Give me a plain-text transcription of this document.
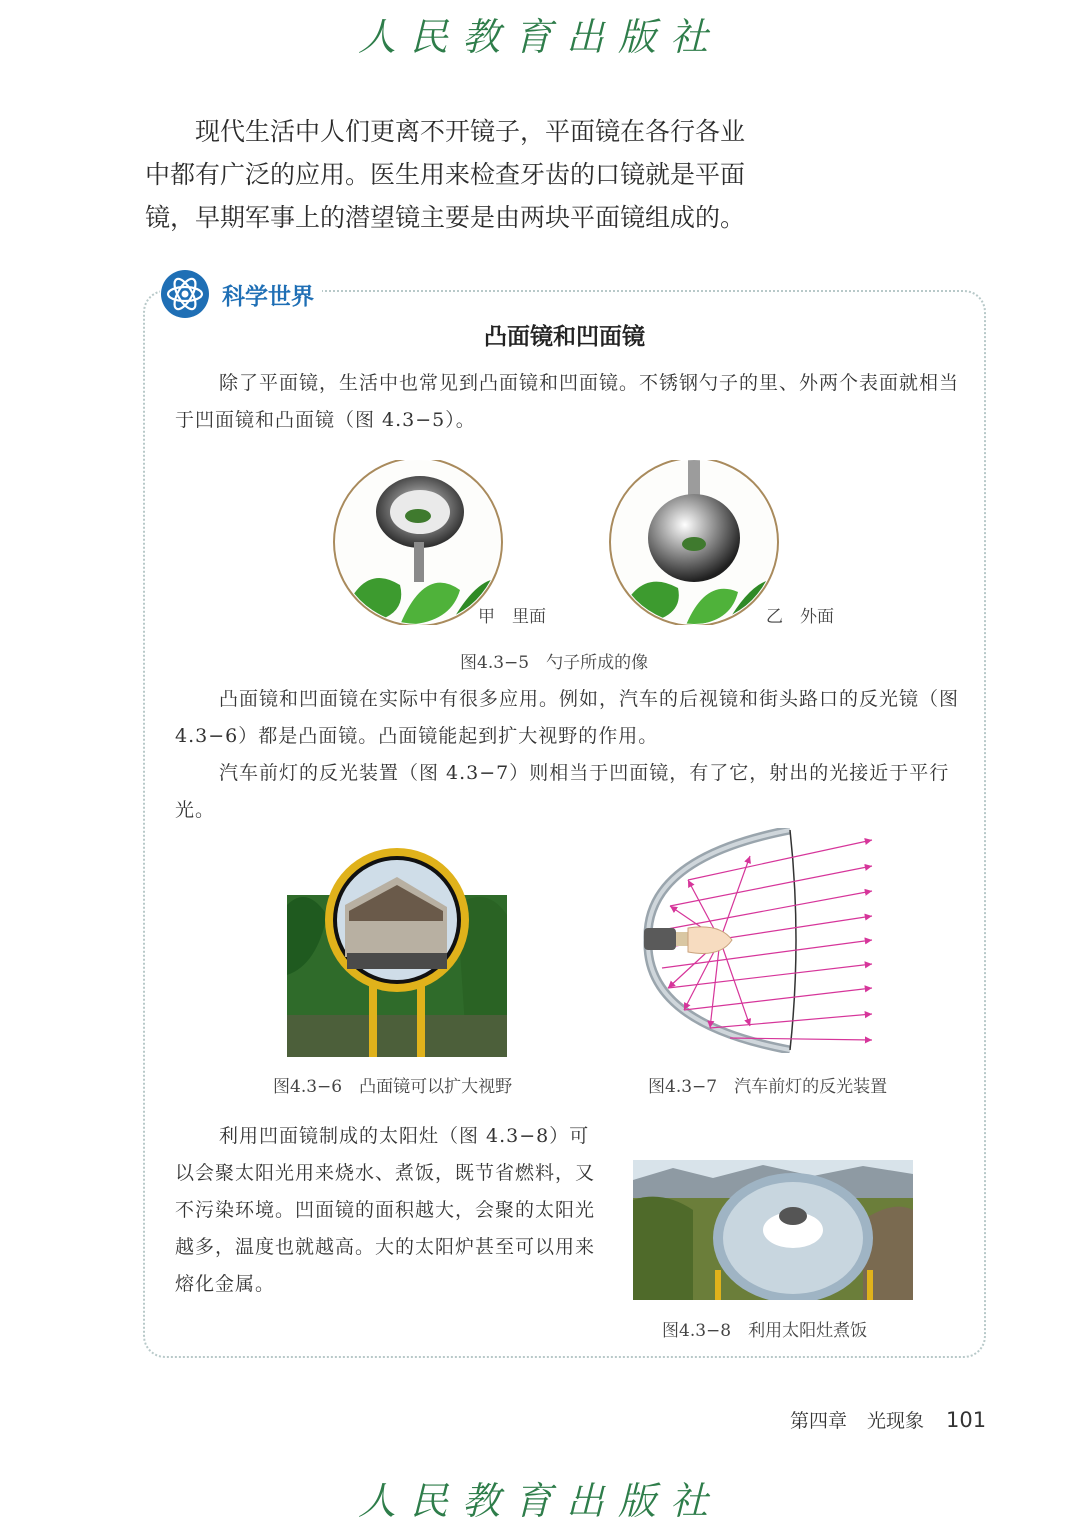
人民教育出版社

现代生活中人们更离不开镜子，平面镜在各行各业中都有广泛的应用。医生用来检查牙齿的口镜就是平面镜，早期军事上的潜望镜主要是由两块平面镜组成的。

科学世界
凸面镜和凹面镜

除了平面镜，生活中也常见到凸面镜和凹面镜。不锈钢勺子的里、外两个表面就相当于凹面镜和凸面镜（图 4.3−5）。

甲　里面	乙　外面
图4.3−5　勺子所成的像

凸面镜和凹面镜在实际中有很多应用。例如，汽车的后视镜和街头路口的反光镜（图 4.3−6）都是凸面镜。凸面镜能起到扩大视野的作用。

汽车前灯的反光装置（图 4.3−7）则相当于凹面镜，有了它，射出的光接近于平行光。

图4.3−6　凸面镜可以扩大视野	图4.3−7　汽车前灯的反光装置

利用凹面镜制成的太阳灶（图 4.3−8）可以会聚太阳光用来烧水、煮饭，既节省燃料，又不污染环境。凹面镜的面积越大，会聚的太阳光越多，温度也就越高。大的太阳炉甚至可以用来熔化金属。

图4.3−8　利用太阳灶煮饭
第四章 光现象 101
人民教育出版社
